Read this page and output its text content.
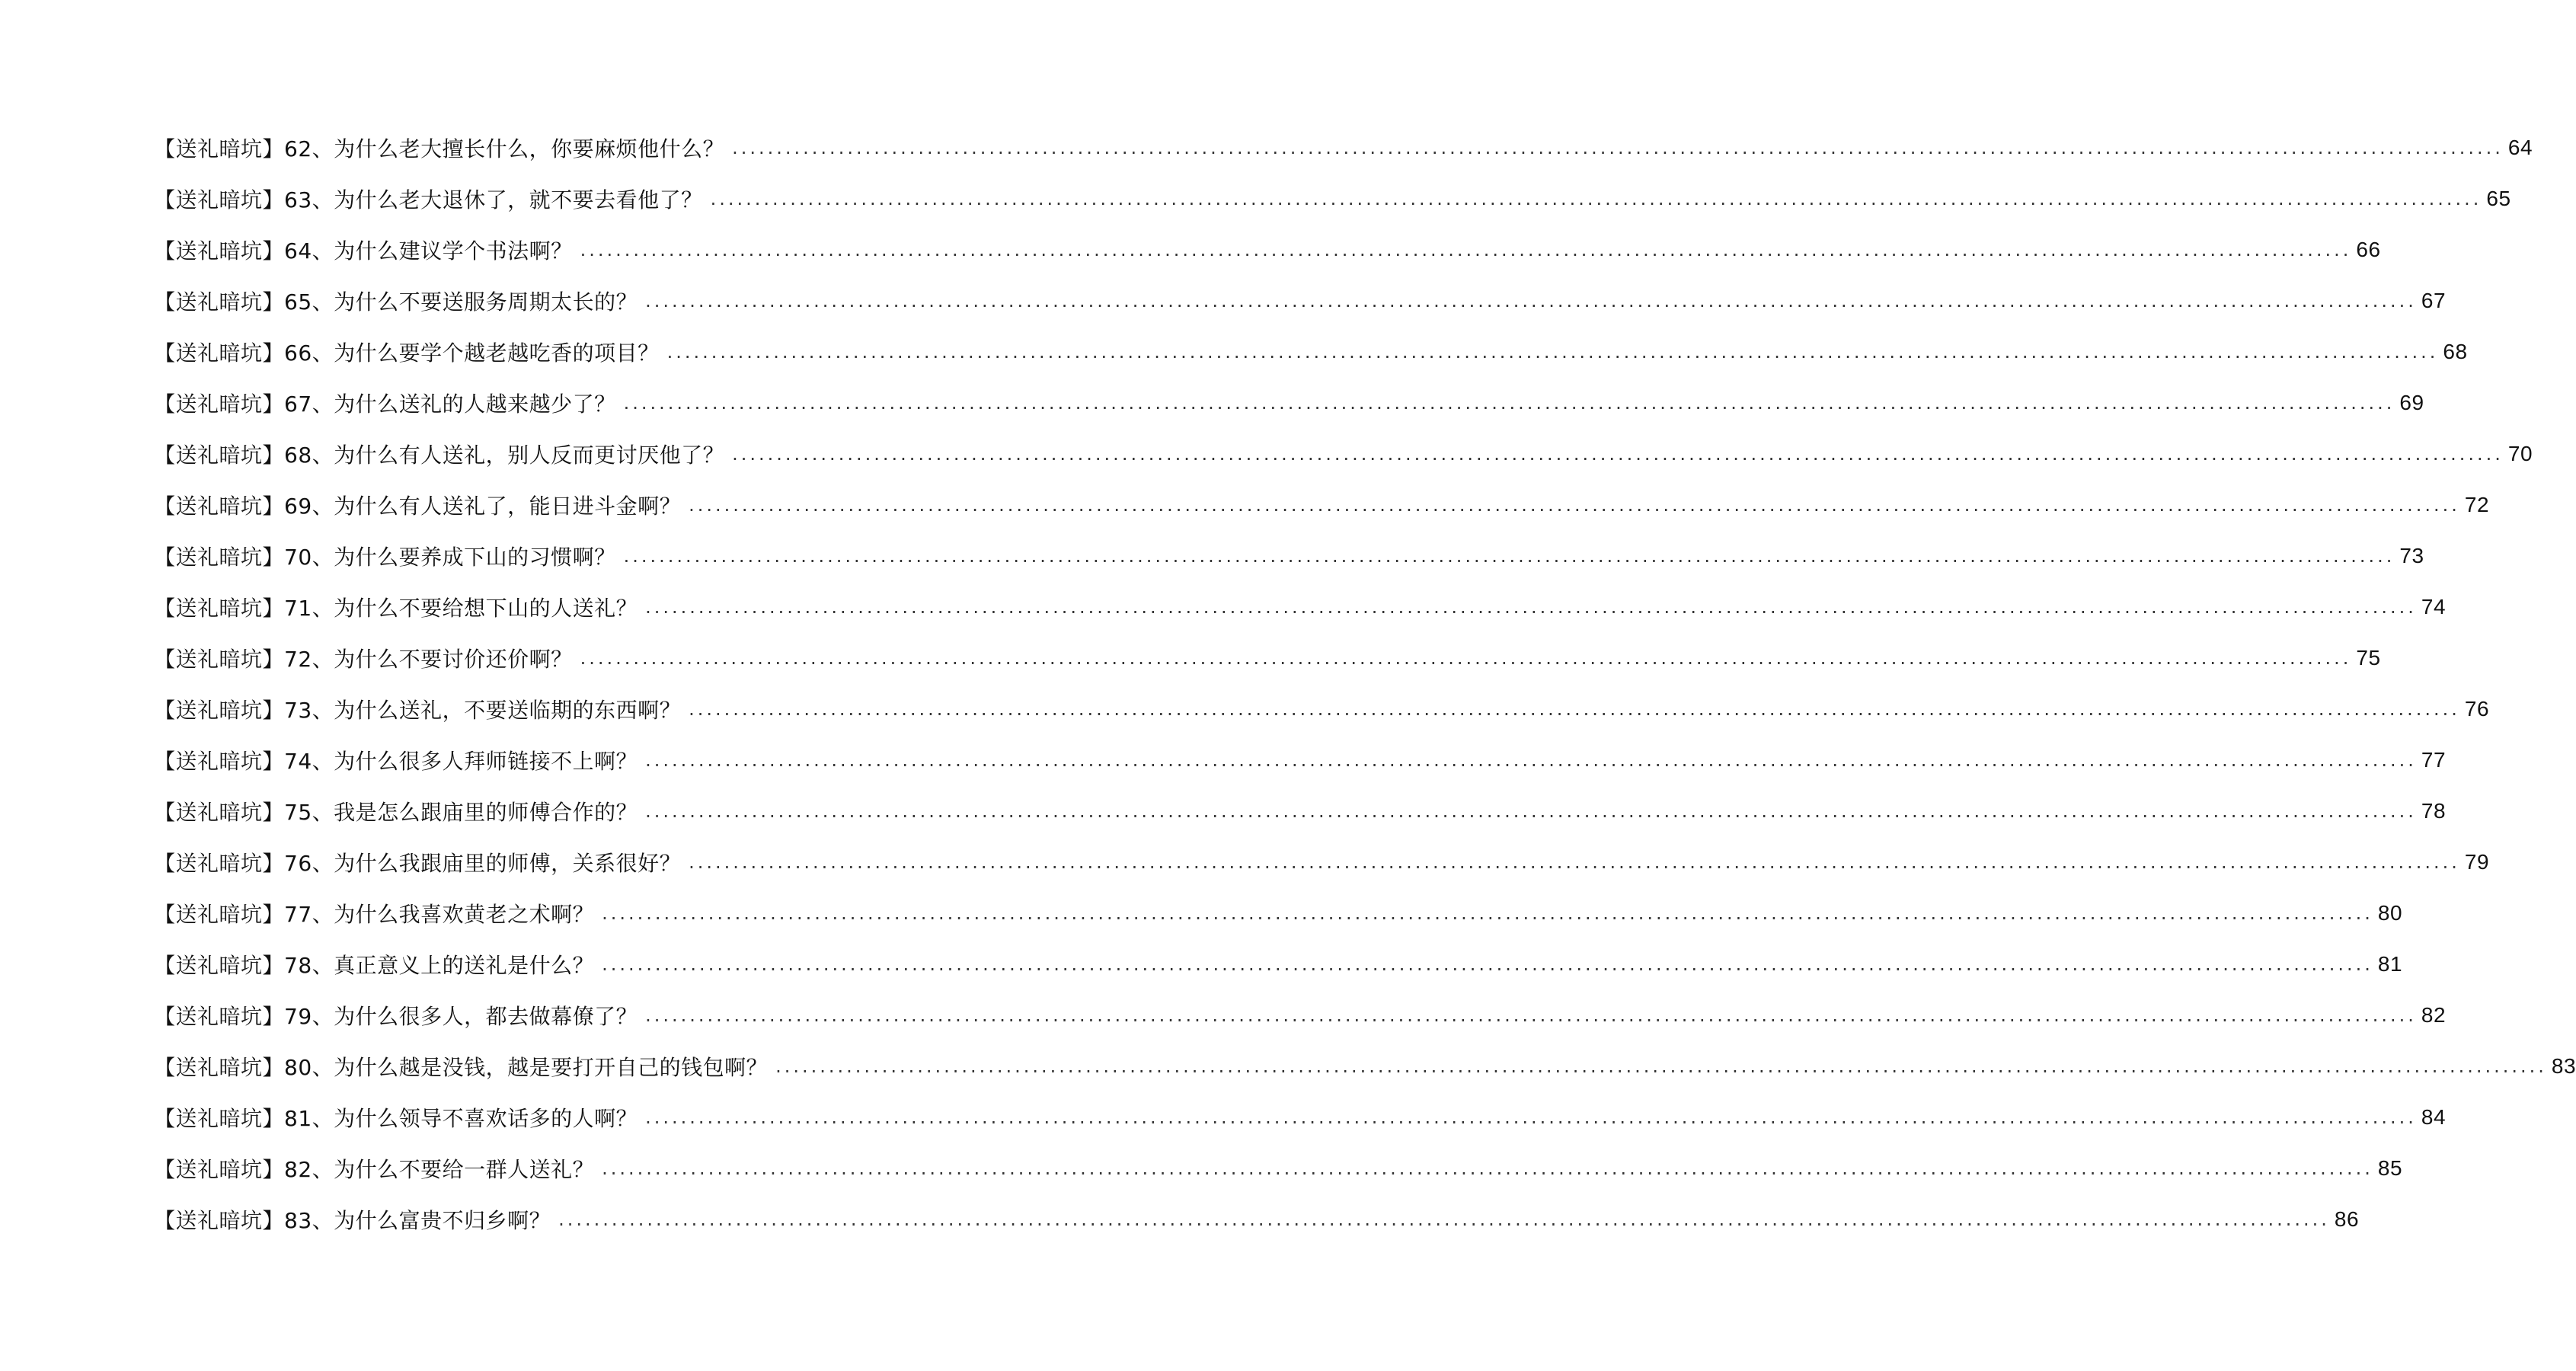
【送礼暗坑】62、为什么老大擅长什么，你要麻烦他什么？ ........................................................................................................................................................................................................ 64
【送礼暗坑】63、为什么老大退休了，就不要去看他了？ ........................................................................................................................................................................................................ 65
【送礼暗坑】64、为什么建议学个书法啊？ ........................................................................................................................................................................................................ 66
【送礼暗坑】65、为什么不要送服务周期太长的？ ........................................................................................................................................................................................................ 67
【送礼暗坑】66、为什么要学个越老越吃香的项目？ ........................................................................................................................................................................................................ 68
【送礼暗坑】67、为什么送礼的人越来越少了？ ........................................................................................................................................................................................................ 69
【送礼暗坑】68、为什么有人送礼，别人反而更讨厌他了？ ........................................................................................................................................................................................................ 70
【送礼暗坑】69、为什么有人送礼了，能日进斗金啊？ ........................................................................................................................................................................................................ 72
【送礼暗坑】70、为什么要养成下山的习惯啊？ ........................................................................................................................................................................................................ 73
【送礼暗坑】71、为什么不要给想下山的人送礼？ ........................................................................................................................................................................................................ 74
【送礼暗坑】72、为什么不要讨价还价啊？ ........................................................................................................................................................................................................ 75
【送礼暗坑】73、为什么送礼，不要送临期的东西啊？ ........................................................................................................................................................................................................ 76
【送礼暗坑】74、为什么很多人拜师链接不上啊？ ........................................................................................................................................................................................................ 77
【送礼暗坑】75、我是怎么跟庙里的师傅合作的？ ........................................................................................................................................................................................................ 78
【送礼暗坑】76、为什么我跟庙里的师傅，关系很好？ ........................................................................................................................................................................................................ 79
【送礼暗坑】77、为什么我喜欢黄老之术啊？ ........................................................................................................................................................................................................ 80
【送礼暗坑】78、真正意义上的送礼是什么？ ........................................................................................................................................................................................................ 81
【送礼暗坑】79、为什么很多人，都去做幕僚了？ ........................................................................................................................................................................................................ 82
【送礼暗坑】80、为什么越是没钱，越是要打开自己的钱包啊？ ........................................................................................................................................................................................................ 83
【送礼暗坑】81、为什么领导不喜欢话多的人啊？ ........................................................................................................................................................................................................ 84
【送礼暗坑】82、为什么不要给一群人送礼？ ........................................................................................................................................................................................................ 85
【送礼暗坑】83、为什么富贵不归乡啊？ ........................................................................................................................................................................................................ 86
